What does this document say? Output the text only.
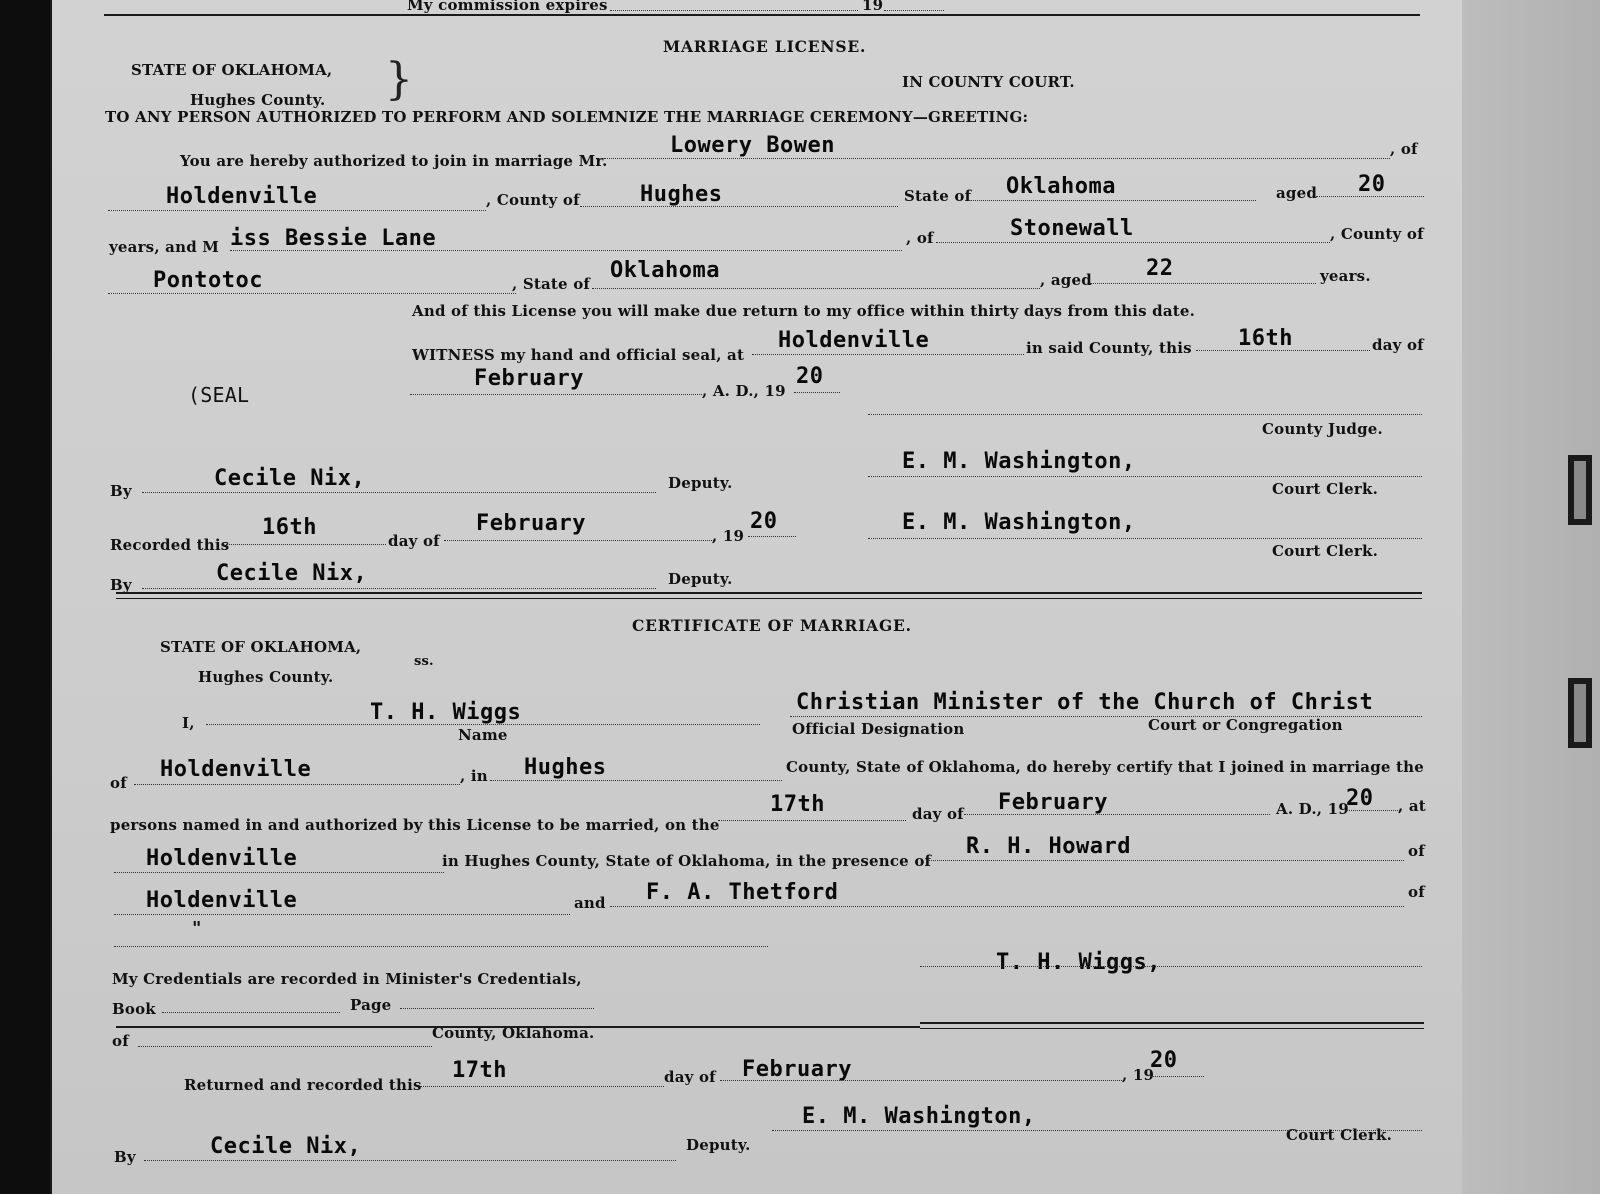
My commission expires	19
MARRIAGE LICENSE.
STATE OF OKLAHOMA,
Hughes County. }	IN COUNTY COURT.
TO ANY PERSON AUTHORIZED TO PERFORM AND SOLEMNIZE THE MARRIAGE CEREMONY—GREETING:
You are hereby authorized to join in marriage Mr.
Lowery Bowen	, of
Holdenville	, County of	Hughes	State of Oklahoma	aged 20
years, and M iss Bessie Lane	, of	Stonewall	, County of
Pontotoc	, State of
Oklahoma	, aged 22	years.
And of this License you will make due return to my office within thirty days from this date.
WITNESS my hand and official seal, at
Holdenville	in said County, this 16th	day of
(SEAL
February	, A. D., 19
20
County Judge.
By	Cecile Nix,	Deputy.
E. M. Washington,
Court Clerk.
Recorded this
16th
day of
February	, 19
20	E. M. Washington,
Court Clerk.
By	Cecile Nix,	Deputy.
CERTIFICATE OF MARRIAGE.
STATE OF OKLAHOMA,
Hughes County.
ss.
I,	T. H. Wiggs
Name
Christian Minister of the Church of Christ
Official Designation	Court or Congregation
of
Holdenville	, in Hughes	County, State of Oklahoma, do hereby certify that I joined in marriage the
persons named in and authorized by this License to be married, on the
17th	day of February	A. D., 19
20 , at
Holdenville	in Hughes County, State of Oklahoma, in the presence of
R. H. Howard	of
Holdenville	and F. A. Thetford	of
"
My Credentials are recorded in Minister's Credentials,
T. H. Wiggs,
Book	Page
of	County, Oklahoma.
Returned and recorded this
17th	day of February	, 19
20
E. M. Washington,
Court Clerk.
By	Cecile Nix,	Deputy.
